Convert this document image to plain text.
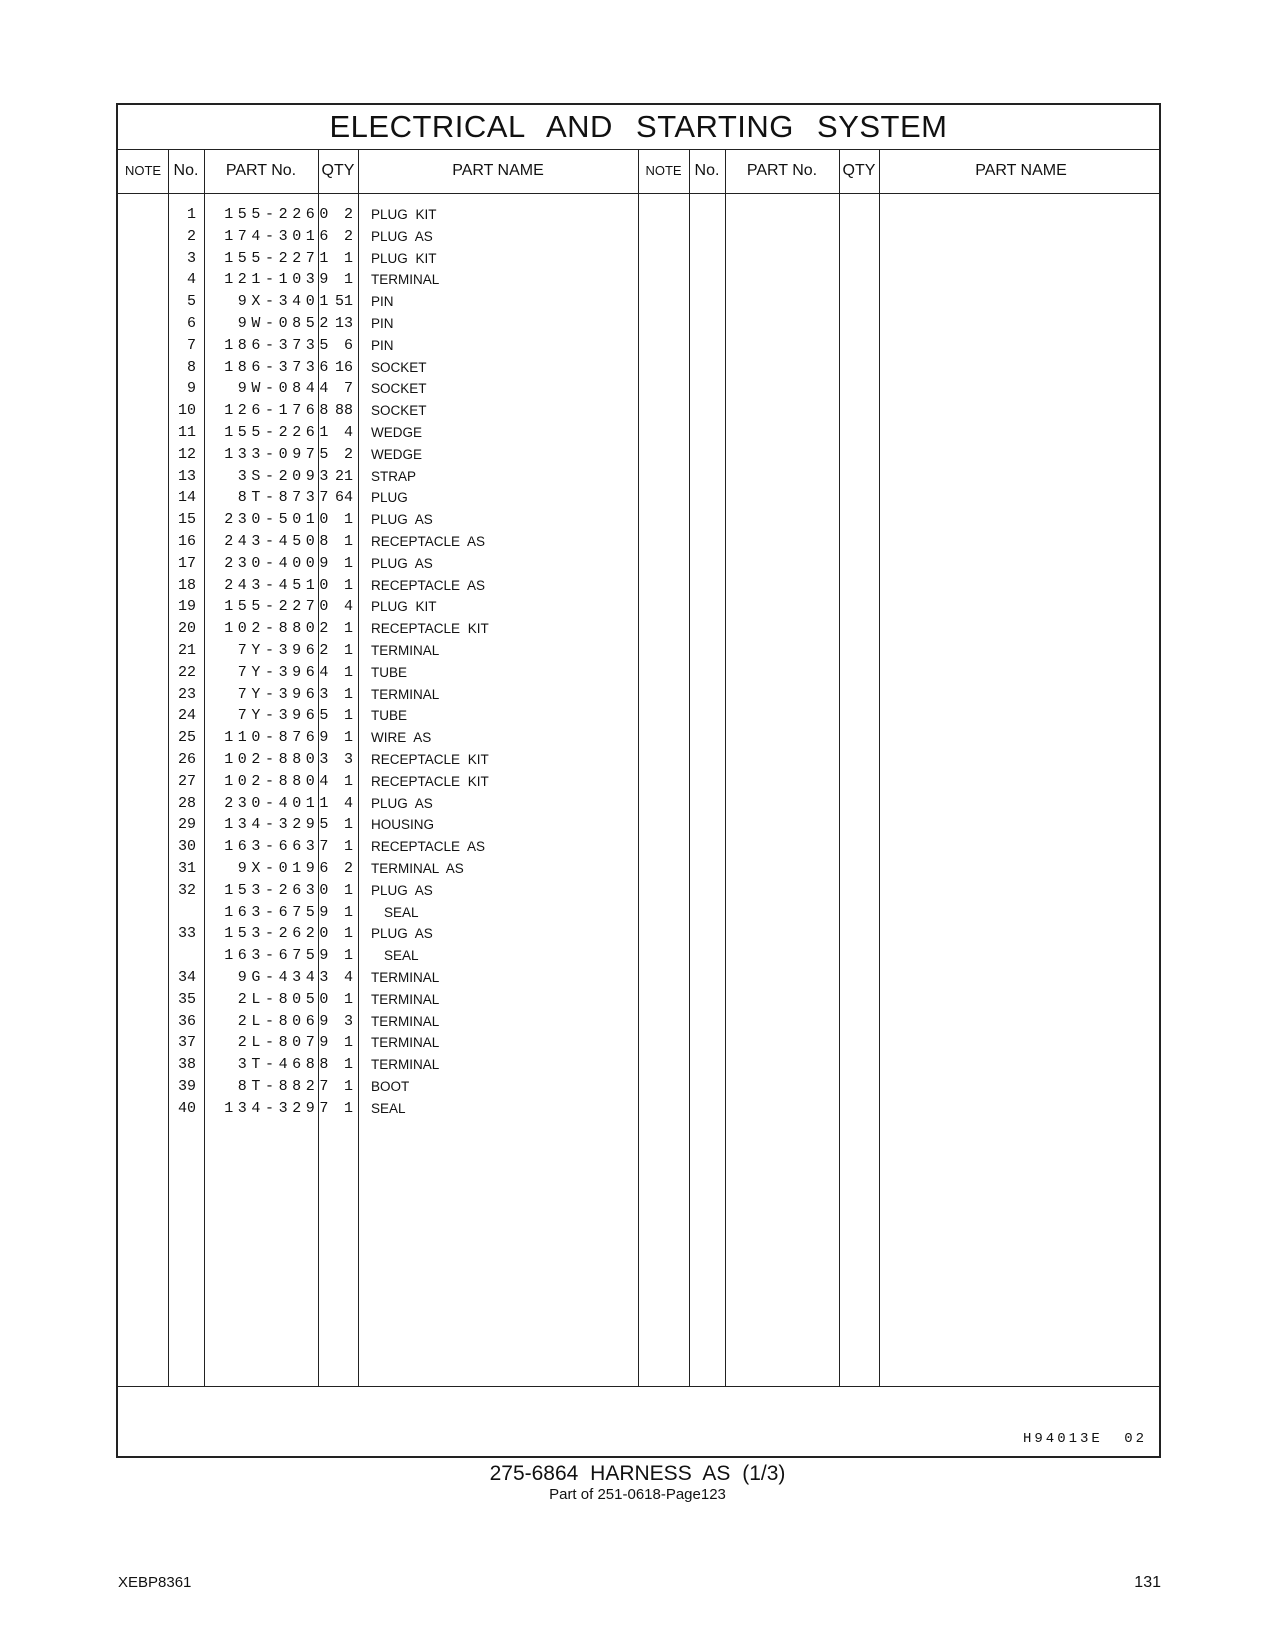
ELECTRICAL AND STARTING SYSTEM
NOTE No.	PART No.	QTY	PART NAME	NOTE No.	PART No.	QTY	PART NAME
1	155-2260 2 PLUG KIT
2	174-3016 2 PLUG AS
3	155-2271 1 PLUG KIT
4	121-1039 1 TERMINAL
5	9X-3401 51 PIN
6	9W-0852 13 PIN
7	186-3735 6 PIN
8	186-3736 16 SOCKET
9	9W-0844 7 SOCKET
10	126-1768 88 SOCKET
11	155-2261 4 WEDGE
12	133-0975 2 WEDGE
13	3S-2093 21 STRAP
14	8T-8737 64 PLUG
15	230-5010 1 PLUG AS
16	243-4508 1 RECEPTACLE AS
17	230-4009 1 PLUG AS
18	243-4510 1 RECEPTACLE AS
19	155-2270 4 PLUG KIT
20	102-8802 1 RECEPTACLE KIT
21	7Y-3962 1 TERMINAL
22	7Y-3964 1 TUBE
23	7Y-3963 1 TERMINAL
24	7Y-3965 1 TUBE
25	110-8769 1 WIRE AS
26	102-8803 3 RECEPTACLE KIT
27	102-8804 1 RECEPTACLE KIT
28	230-4011 4 PLUG AS
29	134-3295 1 HOUSING
30	163-6637 1 RECEPTACLE AS
31	9X-0196 2 TERMINAL AS
32	153-2630 1 PLUG AS
163-6759 1 SEAL
33	153-2620 1 PLUG AS
163-6759 1 SEAL
34	9G-4343 4 TERMINAL
35	2L-8050 1 TERMINAL
36	2L-8069 3 TERMINAL
37	2L-8079 1 TERMINAL
38	3T-4688 1 TERMINAL
39	8T-8827 1 BOOT
40	134-3297 1 SEAL
H94013E 02
275-6864 HARNESS AS (1/3)
Part of 251-0618-Page123
XEBP8361	131
